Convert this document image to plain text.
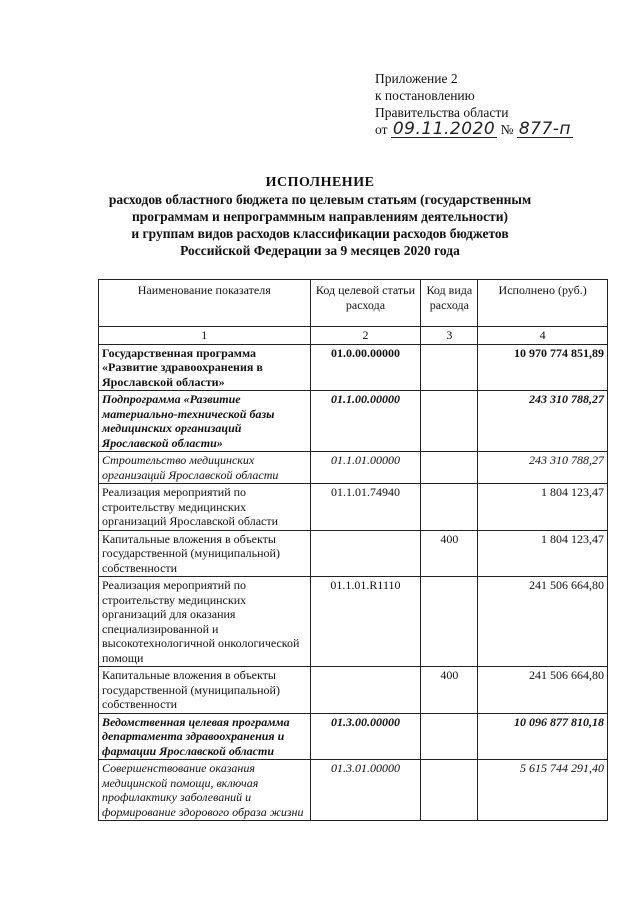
Приложение 2
к постановлению
Правительства области
от 09.11.2020 № 877-п
ИСПОЛНЕНИЕ
расходов областного бюджета по целевым статьям (государственным
программам и непрограммным направлениям деятельности)
и группам видов расходов классификации расходов бюджетов
Российской Федерации за 9 месяцев 2020 года
Наименование показателя	Код целевой статьи расхода	Код вида расхода	Исполнено (руб.)
1	2	3	4
Государственная программа «Развитие здравоохранения в Ярославской области»	01.0.00.00000		10 970 774 851,89
Подпрограмма «Развитие материально-технической базы медицинских организаций Ярославской области»	01.1.00.00000		243 310 788,27
Строительство медицинских организаций Ярославской области	01.1.01.00000		243 310 788,27
Реализация мероприятий по строительству медицинских организаций Ярославской области	01.1.01.74940		1 804 123,47
Капитальные вложения в объекты государственной (муниципальной) собственности		400	1 804 123,47
Реализация мероприятий по строительству медицинских организаций для оказания специализированной и высокотехнологичной онкологической помощи	01.1.01.R1110		241 506 664,80
Капитальные вложения в объекты государственной (муниципальной) собственности		400	241 506 664,80
Ведомственная целевая программа департамента здравоохранения и фармации Ярославской области	01.3.00.00000		10 096 877 810,18
Совершенствование оказания медицинской помощи, включая профилактику заболеваний и формирование здорового образа жизни	01.3.01.00000		5 615 744 291,40
